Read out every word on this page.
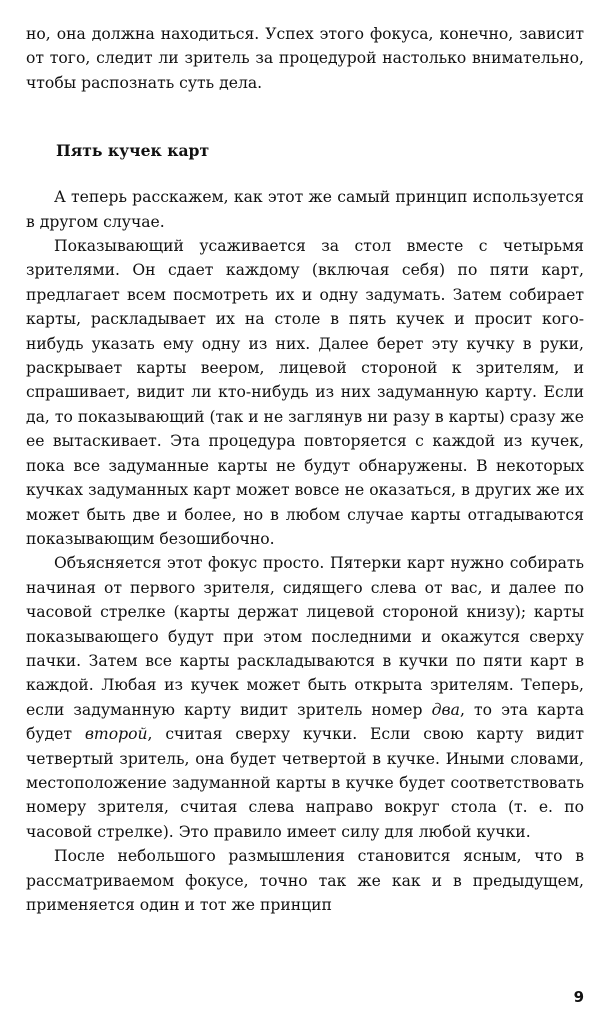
но, она должна находиться. Успех этого фокуса, конечно, зависит от того, следит ли зритель за процедурой настолько внимательно, чтобы распознать суть дела.

Пять кучек карт

А теперь расскажем, как этот же самый принцип используется в другом случае.

Показывающий усаживается за стол вместе с четырьмя зрителями. Он сдает каждому (включая себя) по пяти карт, предлагает всем посмотреть их и одну задумать. Затем собирает карты, раскладывает их на столе в пять кучек и просит кого-нибудь указать ему одну из них. Далее берет эту кучку в руки, раскрывает карты веером, лицевой стороной к зрителям, и спрашивает, видит ли кто-нибудь из них задуманную карту. Если да, то показывающий (так и не заглянув ни разу в карты) сразу же ее вытаскивает. Эта процедура повторяется с каждой из кучек, пока все задуманные карты не будут обнаружены. В некоторых кучках задуманных карт может вовсе не оказаться, в других же их может быть две и более, но в любом случае карты отгадываются показывающим безошибочно.

Объясняется этот фокус просто. Пятерки карт нужно собирать начиная от первого зрителя, сидящего слева от вас, и далее по часовой стрелке (карты держат лицевой стороной книзу); карты показывающего будут при этом последними и окажутся сверху пачки. Затем все карты раскладываются в кучки по пяти карт в каждой. Любая из кучек может быть открыта зрителям. Теперь, если задуманную карту видит зритель номер два, то эта карта будет второй, считая сверху кучки. Если свою карту видит четвертый зритель, она будет четвертой в кучке. Иными словами, местоположение задуманной карты в кучке будет соответствовать номеру зрителя, считая слева направо вокруг стола (т. е. по часовой стрелке). Это правило имеет силу для любой кучки.

После небольшого размышления становится ясным, что в рассматриваемом фокусе, точно так же как и в предыдущем, применяется один и тот же принцип

9
